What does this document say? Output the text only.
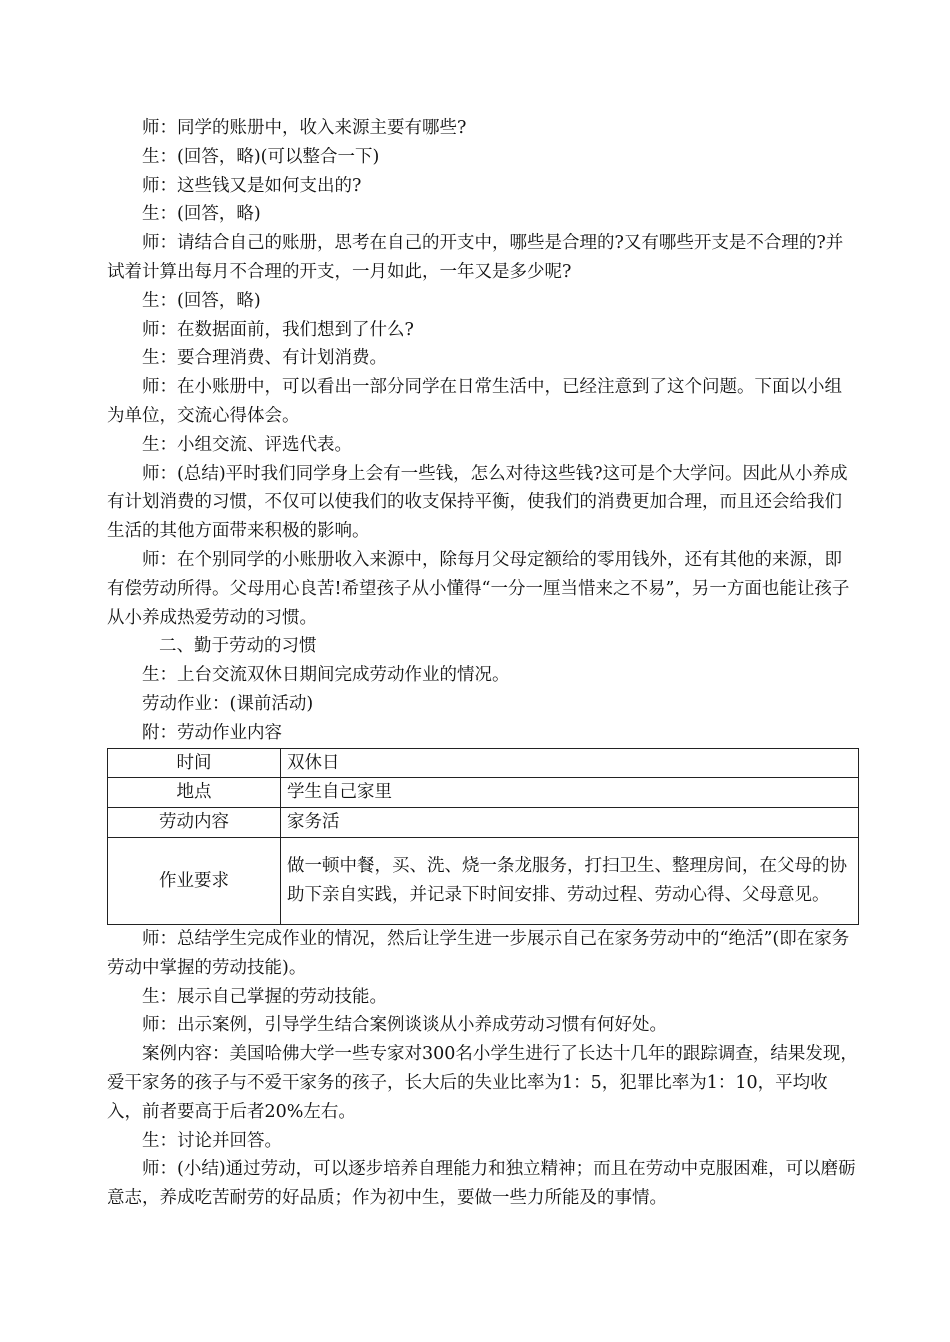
师：同学的账册中，收入来源主要有哪些?

生：(回答，略)(可以整合一下)

师：这些钱又是如何支出的?

生：(回答，略)

师：请结合自己的账册，思考在自己的开支中，哪些是合理的?又有哪些开支是不合理的?并试着计算出每月不合理的开支，一月如此，一年又是多少呢?

生：(回答，略)

师：在数据面前，我们想到了什么?

生：要合理消费、有计划消费。

师：在小账册中，可以看出一部分同学在日常生活中，已经注意到了这个问题。下面以小组为单位，交流心得体会。

生：小组交流、评选代表。

师：(总结)平时我们同学身上会有一些钱，怎么对待这些钱?这可是个大学问。因此从小养成有计划消费的习惯，不仅可以使我们的收支保持平衡，使我们的消费更加合理，而且还会给我们生活的其他方面带来积极的影响。

师：在个别同学的小账册收入来源中，除每月父母定额给的零用钱外，还有其他的来源，即有偿劳动所得。父母用心良苦!希望孩子从小懂得“一分一厘当惜来之不易”，另一方面也能让孩子从小养成热爱劳动的习惯。

二、勤于劳动的习惯

生：上台交流双休日期间完成劳动作业的情况。

劳动作业：(课前活动)

附：劳动作业内容

时间	双休日
地点	学生自己家里
劳动内容	家务活
作业要求	做一顿中餐，买、洗、烧一条龙服务，打扫卫生、整理房间，在父母的协助下亲自实践，并记录下时间安排、劳动过程、劳动心得、父母意见。

师：总结学生完成作业的情况，然后让学生进一步展示自己在家务劳动中的“绝活”(即在家务劳动中掌握的劳动技能)。

生：展示自己掌握的劳动技能。

师：出示案例，引导学生结合案例谈谈从小养成劳动习惯有何好处。

案例内容：美国哈佛大学一些专家对300名小学生进行了长达十几年的跟踪调查，结果发现，爱干家务的孩子与不爱干家务的孩子，长大后的失业比率为1：5，犯罪比率为1：10，平均收入，前者要高于后者20%左右。

生：讨论并回答。

师：(小结)通过劳动，可以逐步培养自理能力和独立精神；而且在劳动中克服困难，可以磨砺意志，养成吃苦耐劳的好品质；作为初中生，要做一些力所能及的事情。
